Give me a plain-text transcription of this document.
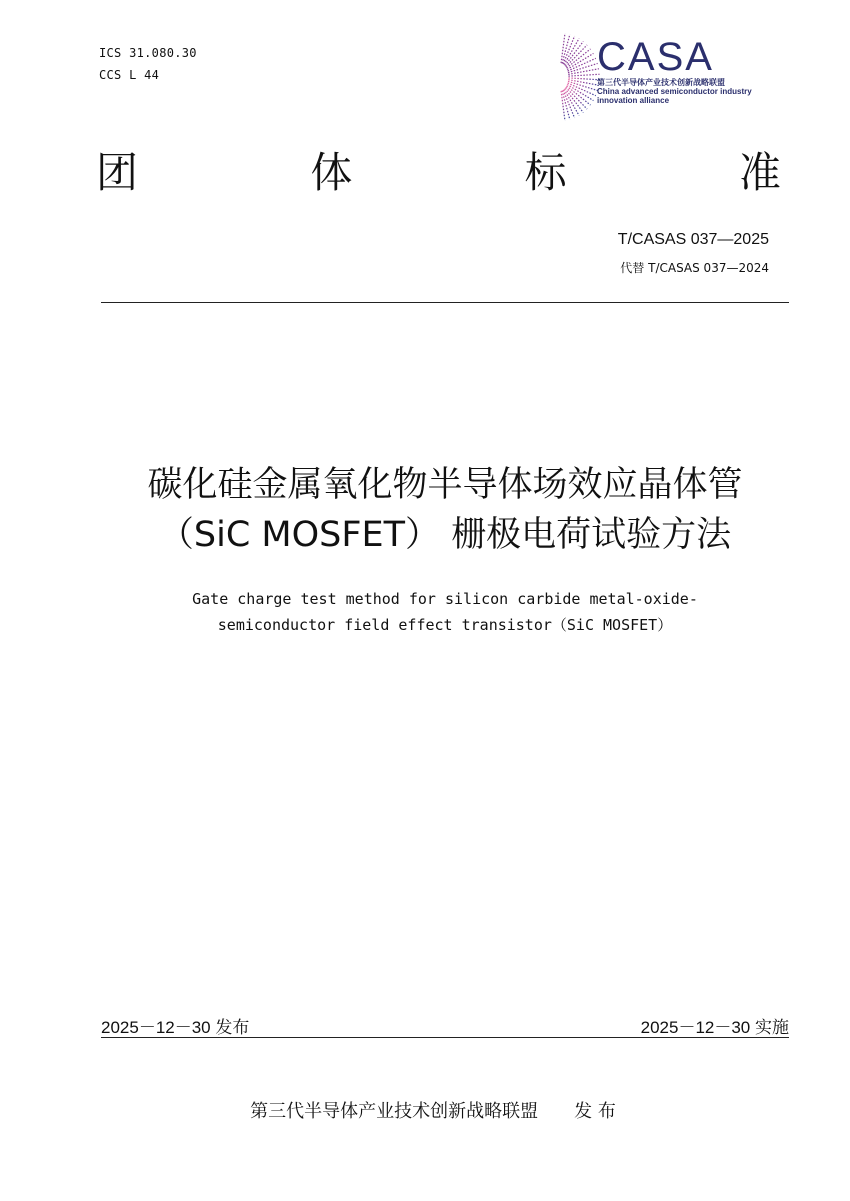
ICS 31.080.30
CCS L 44	CASA
第三代半导体产业技术创新战略联盟
China advanced semiconductor industry
innovation alliance
团	体	标	准
T/CASAS 037—2025
代替 T/CASAS 037—2024
碳化硅金属氧化物半导体场效应晶体管
（SiC MOSFET） 栅极电荷试验方法
Gate charge test method for silicon carbide metal-oxide-
semiconductor field effect transistor（SiC MOSFET）
2025－12－30 发布	2025－12－30 实施
第三代半导体产业技术创新战略联盟 发 布
